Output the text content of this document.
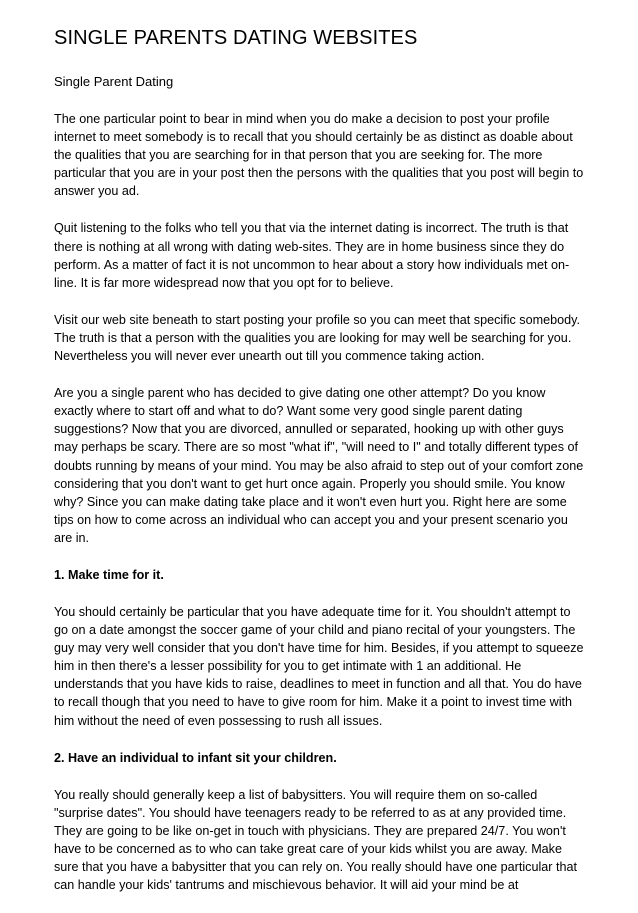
SINGLE PARENTS DATING WEBSITES

Single Parent Dating

The one particular point to bear in mind when you do make a decision to post your profile internet to meet somebody is to recall that you should certainly be as distinct as doable about the qualities that you are searching for in that person that you are seeking for. The more particular that you are in your post then the persons with the qualities that you post will begin to answer you ad.

Quit listening to the folks who tell you that via the internet dating is incorrect. The truth is that there is nothing at all wrong with dating web-sites. They are in home business since they do perform. As a matter of fact it is not uncommon to hear about a story how individuals met on-line. It is far more widespread now that you opt for to believe.

Visit our web site beneath to start posting your profile so you can meet that specific somebody. The truth is that a person with the qualities you are looking for may well be searching for you. Nevertheless you will never ever unearth out till you commence taking action.

Are you a single parent who has decided to give dating one other attempt? Do you know exactly where to start off and what to do? Want some very good single parent dating suggestions? Now that you are divorced, annulled or separated, hooking up with other guys may perhaps be scary. There are so most "what if", "will need to I" and totally different types of doubts running by means of your mind. You may be also afraid to step out of your comfort zone considering that you don't want to get hurt once again. Properly you should smile. You know why? Since you can make dating take place and it won't even hurt you. Right here are some tips on how to come across an individual who can accept you and your present scenario you are in.

1. Make time for it.

You should certainly be particular that you have adequate time for it. You shouldn't attempt to go on a date amongst the soccer game of your child and piano recital of your youngsters. The guy may very well consider that you don't have time for him. Besides, if you attempt to squeeze him in then there's a lesser possibility for you to get intimate with 1 an additional. He understands that you have kids to raise, deadlines to meet in function and all that. You do have to recall though that you need to have to give room for him. Make it a point to invest time with him without the need of even possessing to rush all issues.

2. Have an individual to infant sit your children.

You really should generally keep a list of babysitters. You will require them on so-called "surprise dates". You should have teenagers ready to be referred to as at any provided time. They are going to be like on-get in touch with physicians. They are prepared 24/7. You won't have to be concerned as to who can take great care of your kids whilst you are away. Make sure that you have a babysitter that you can rely on. You really should have one particular that can handle your kids' tantrums and mischievous behavior. It will aid your mind be at
